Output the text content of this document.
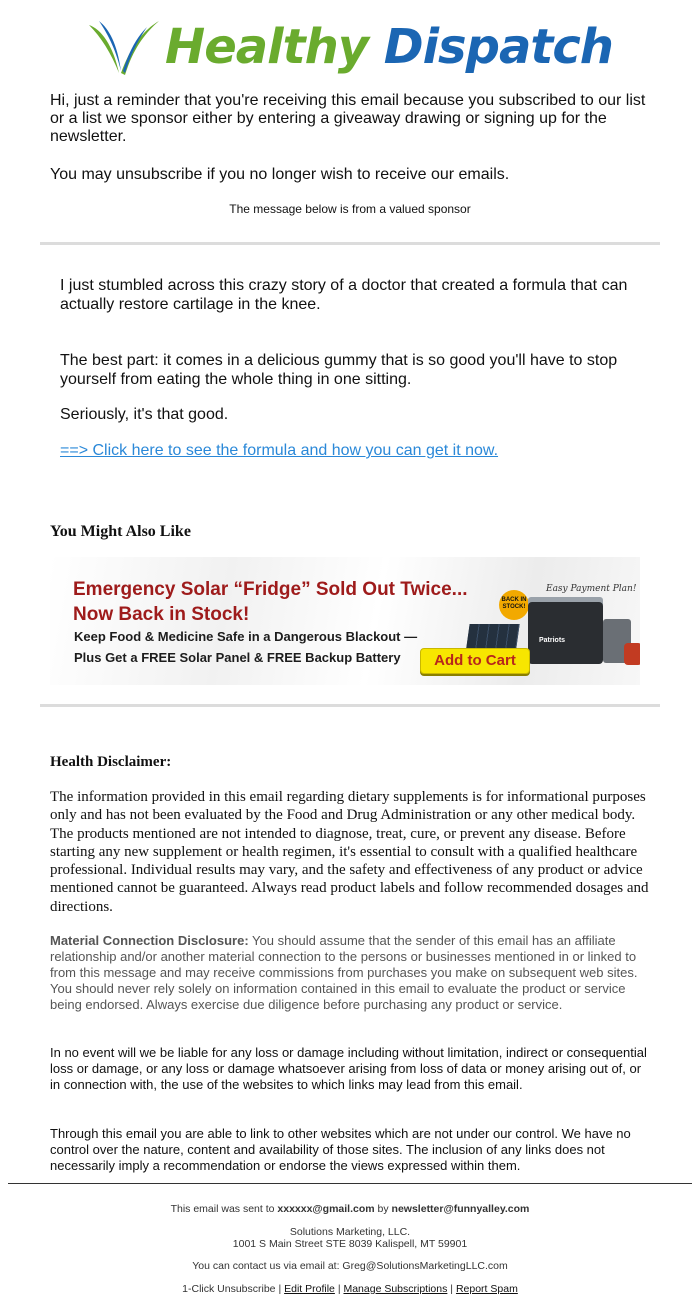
Healthy Dispatch

Hi, just a reminder that you're receiving this email because you subscribed to our list or a list we sponsor either by entering a giveaway drawing or signing up for the newsletter.

You may unsubscribe if you no longer wish to receive our emails.

The message below is from a valued sponsor

I just stumbled across this crazy story of a doctor that created a formula that can actually restore cartilage in the knee.

The best part: it comes in a delicious gummy that is so good you'll have to stop yourself from eating the whole thing in one sitting.

Seriously, it's that good.

==> Click here to see the formula and how you can get it now.

You Might Also Like
Emergency Solar “Fridge” Sold Out Twice...
Now Back in Stock!
Keep Food & Medicine Safe in a Dangerous Blackout —
Plus Get a FREE Solar Panel & FREE Backup Battery
Easy Payment Plan!
BACK IN STOCK!
Patriots
Add to Cart
Health Disclaimer:
The information provided in this email regarding dietary supplements is for informational purposes only and has not been evaluated by the Food and Drug Administration or any other medical body. The products mentioned are not intended to diagnose, treat, cure, or prevent any disease. Before starting any new supplement or health regimen, it's essential to consult with a qualified healthcare professional. Individual results may vary, and the safety and effectiveness of any product or advice mentioned cannot be guaranteed. Always read product labels and follow recommended dosages and directions.
Material Connection Disclosure: You should assume that the sender of this email has an affiliate relationship and/or another material connection to the persons or businesses mentioned in or linked to from this message and may receive commissions from purchases you make on subsequent web sites. You should never rely solely on information contained in this email to evaluate the product or service being endorsed. Always exercise due diligence before purchasing any product or service.
In no event will we be liable for any loss or damage including without limitation, indirect or consequential loss or damage, or any loss or damage whatsoever arising from loss of data or money arising out of, or in connection with, the use of the websites to which links may lead from this email.
Through this email you are able to link to other websites which are not under our control. We have no control over the nature, content and availability of those sites. The inclusion of any links does not necessarily imply a recommendation or endorse the views expressed within them.
This email was sent to xxxxxx@gmail.com by newsletter@funnyalley.com
Solutions Marketing, LLC.
1001 S Main Street STE 8039 Kalispell, MT 59901
You can contact us via email at: Greg@SolutionsMarketingLLC.com
1-Click Unsubscribe | Edit Profile | Manage Subscriptions | Report Spam
